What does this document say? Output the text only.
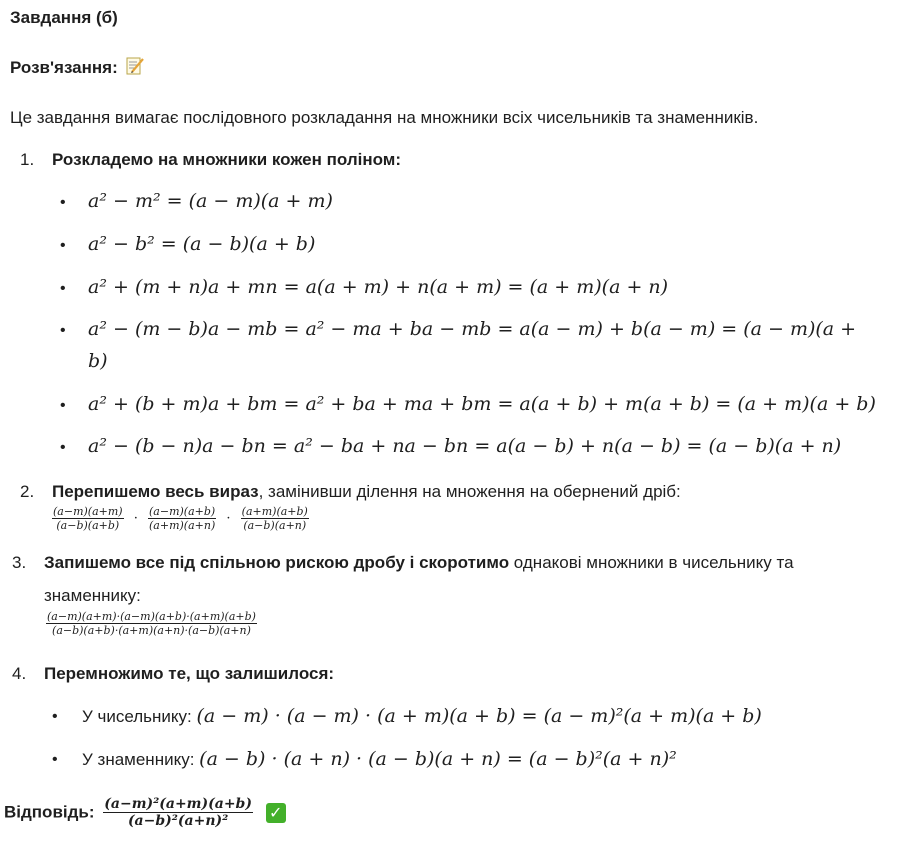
Завдання (б)
Розв'язання:
Це завдання вимагає послідовного розкладання на множники всіх чисельників та знаменників.
1. Розкладемо на множники кожен поліном:
• a² − m² = (a − m)(a + m)
• a² − b² = (a − b)(a + b)
• a² + (m + n)a + mn = a(a + m) + n(a + m) = (a + m)(a + n)
• a² − (m − b)a − mb = a² − ma + ba − mb = a(a − m) + b(a − m) = (a − m)(a +
b)
• a² + (b + m)a + bm = a² + ba + ma + bm = a(a + b) + m(a + b) = (a + m)(a + b)
• a² − (b − n)a − bn = a² − ba + na − bn = a(a − b) + n(a − b) = (a − b)(a + n)
2. Перепишемо весь вираз, замінивши ділення на множення на обернений дріб:
$\frac{(a-m)(a+m)}{(a-b)(a+b)} \cdot \frac{(a-m)(a+b)}{(a+m)(a+n)} \cdot \frac{(a+m)(a+b)}{(a-b)(a+n)}$
3. Запишемо все під спільною рискою дробу і скоротимо однакові множники в чисельнику та
знаменнику:
$\frac{(a-m)(a+m)\cdot(a-m)(a+b)\cdot(a+m)(a+b)}{(a-b)(a+b)\cdot(a+m)(a+n)\cdot(a-b)(a+n)}$
4. Перемножимо те, що залишилося:
• У чисельнику: (a − m) · (a − m) · (a + m)(a + b) = (a − m)²(a + m)(a + b)
• У знаменнику: (a − b) · (a + n) · (a − b)(a + n) = (a − b)²(a + n)²
Відповідь: $\frac{\text{(a−m)²(a+m)(a+b)}}{\text{(a−b)²(a+n)²}}$ ✓
